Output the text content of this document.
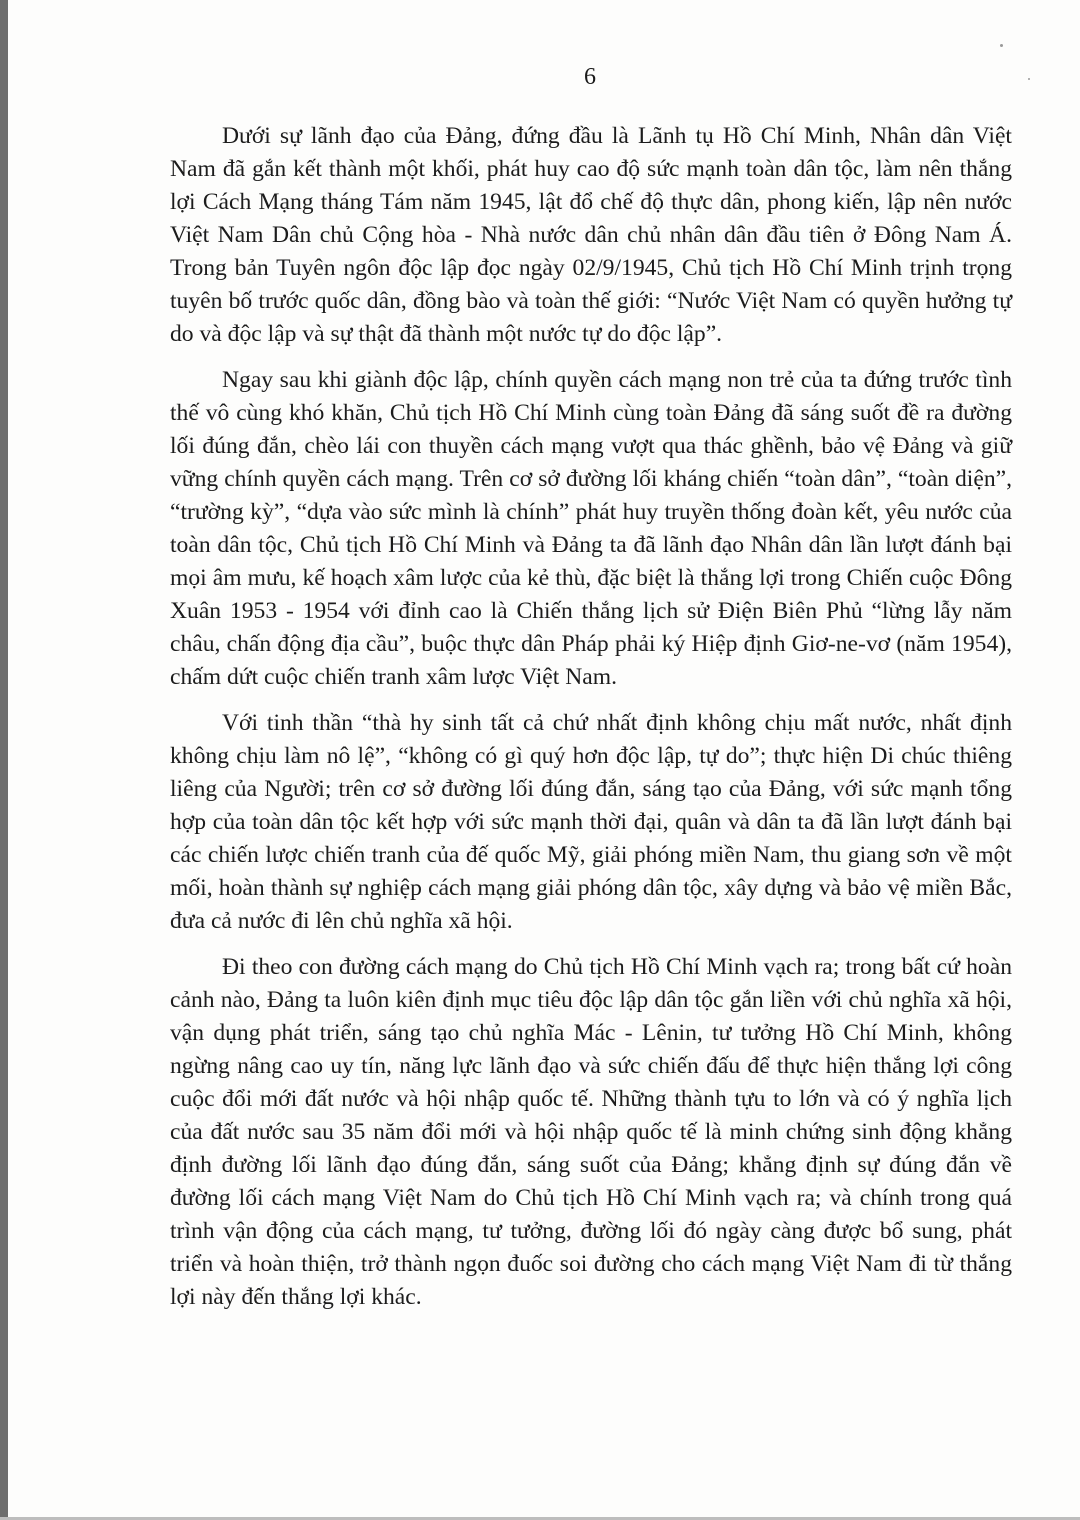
6

Dưới sự lãnh đạo của Đảng, đứng đầu là Lãnh tụ Hồ Chí Minh, Nhân dân Việt Nam đã gắn kết thành một khối, phát huy cao độ sức mạnh toàn dân tộc, làm nên thắng lợi Cách Mạng tháng Tám năm 1945, lật đổ chế độ thực dân, phong kiến, lập nên nước Việt Nam Dân chủ Cộng hòa - Nhà nước dân chủ nhân dân đầu tiên ở Đông Nam Á. Trong bản Tuyên ngôn độc lập đọc ngày 02/9/1945, Chủ tịch Hồ Chí Minh trịnh trọng tuyên bố trước quốc dân, đồng bào và toàn thế giới: “Nước Việt Nam có quyền hưởng tự do và độc lập và sự thật đã thành một nước tự do độc lập”.

Ngay sau khi giành độc lập, chính quyền cách mạng non trẻ của ta đứng trước tình thế vô cùng khó khăn, Chủ tịch Hồ Chí Minh cùng toàn Đảng đã sáng suốt đề ra đường lối đúng đắn, chèo lái con thuyền cách mạng vượt qua thác ghềnh, bảo vệ Đảng và giữ vững chính quyền cách mạng. Trên cơ sở đường lối kháng chiến “toàn dân”, “toàn diện”, “trường kỳ”, “dựa vào sức mình là chính” phát huy truyền thống đoàn kết, yêu nước của toàn dân tộc, Chủ tịch Hồ Chí Minh và Đảng ta đã lãnh đạo Nhân dân lần lượt đánh bại mọi âm mưu, kế hoạch xâm lược của kẻ thù, đặc biệt là thắng lợi trong Chiến cuộc Đông Xuân 1953 - 1954 với đỉnh cao là Chiến thắng lịch sử Điện Biên Phủ “lừng lẫy năm châu, chấn động địa cầu”, buộc thực dân Pháp phải ký Hiệp định Giơ-ne-vơ (năm 1954), chấm dứt cuộc chiến tranh xâm lược Việt Nam.

Với tinh thần “thà hy sinh tất cả chứ nhất định không chịu mất nước, nhất định không chịu làm nô lệ”, “không có gì quý hơn độc lập, tự do”; thực hiện Di chúc thiêng liêng của Người; trên cơ sở đường lối đúng đắn, sáng tạo của Đảng, với sức mạnh tổng hợp của toàn dân tộc kết hợp với sức mạnh thời đại, quân và dân ta đã lần lượt đánh bại các chiến lược chiến tranh của đế quốc Mỹ, giải phóng miền Nam, thu giang sơn về một mối, hoàn thành sự nghiệp cách mạng giải phóng dân tộc, xây dựng và bảo vệ miền Bắc, đưa cả nước đi lên chủ nghĩa xã hội.

Đi theo con đường cách mạng do Chủ tịch Hồ Chí Minh vạch ra; trong bất cứ hoàn cảnh nào, Đảng ta luôn kiên định mục tiêu độc lập dân tộc gắn liền với chủ nghĩa xã hội, vận dụng phát triển, sáng tạo chủ nghĩa Mác - Lênin, tư tưởng Hồ Chí Minh, không ngừng nâng cao uy tín, năng lực lãnh đạo và sức chiến đấu để thực hiện thắng lợi công cuộc đổi mới đất nước và hội nhập quốc tế. Những thành tựu to lớn và có ý nghĩa lịch của đất nước sau 35 năm đổi mới và hội nhập quốc tế là minh chứng sinh động khẳng định đường lối lãnh đạo đúng đắn, sáng suốt của Đảng; khẳng định sự đúng đắn về đường lối cách mạng Việt Nam do Chủ tịch Hồ Chí Minh vạch ra; và chính trong quá trình vận động của cách mạng, tư tưởng, đường lối đó ngày càng được bổ sung, phát triển và hoàn thiện, trở thành ngọn đuốc soi đường cho cách mạng Việt Nam đi từ thắng lợi này đến thắng lợi khác.
